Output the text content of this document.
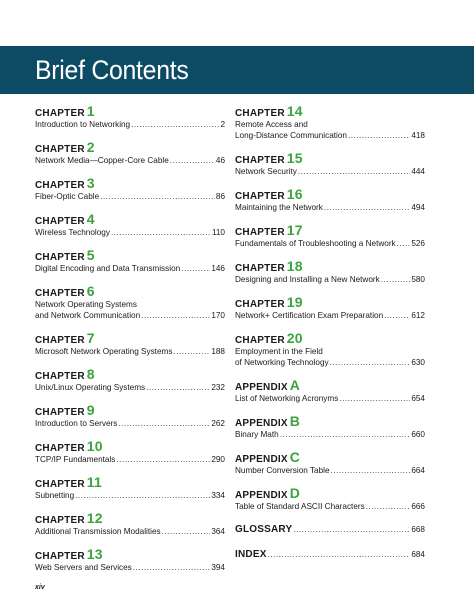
Brief Contents
CHAPTER 1
Introduction to Networking .....	2
CHAPTER 2
Network Media—Copper-Core Cable .....	46
CHAPTER 3
Fiber-Optic Cable .....	86
CHAPTER 4
Wireless Technology .....	110
CHAPTER 5
Digital Encoding and Data Transmission .....	146
CHAPTER 6
Network Operating Systems
and Network Communication .....	170
CHAPTER 7
Microsoft Network Operating Systems .....	188
CHAPTER 8
Unix/Linux Operating Systems .....	232
CHAPTER 9
Introduction to Servers .....	262
CHAPTER 10
TCP/IP Fundamentals .....	290
CHAPTER 11
Subnetting .....	334
CHAPTER 12
Additional Transmission Modalities .....	364
CHAPTER 13
Web Servers and Services .....	394
CHAPTER 14
Remote Access and
Long-Distance Communication .....	418
CHAPTER 15
Network Security .....	444
CHAPTER 16
Maintaining the Network .....	494
CHAPTER 17
Fundamentals of Troubleshooting a Network ..... 526
CHAPTER 18
Designing and Installing a New Network .....	580
CHAPTER 19
Network+ Certification Exam Preparation .....	612
CHAPTER 20
Employment in the Field
of Networking Technology .....	630
APPENDIX A
List of Networking Acronyms .....	654
APPENDIX B
Binary Math .....	660
APPENDIX C
Number Conversion Table .....	664
APPENDIX D
Table of Standard ASCII Characters .....	666
GLOSSARY .....	668
INDEX .....	684
xiv
